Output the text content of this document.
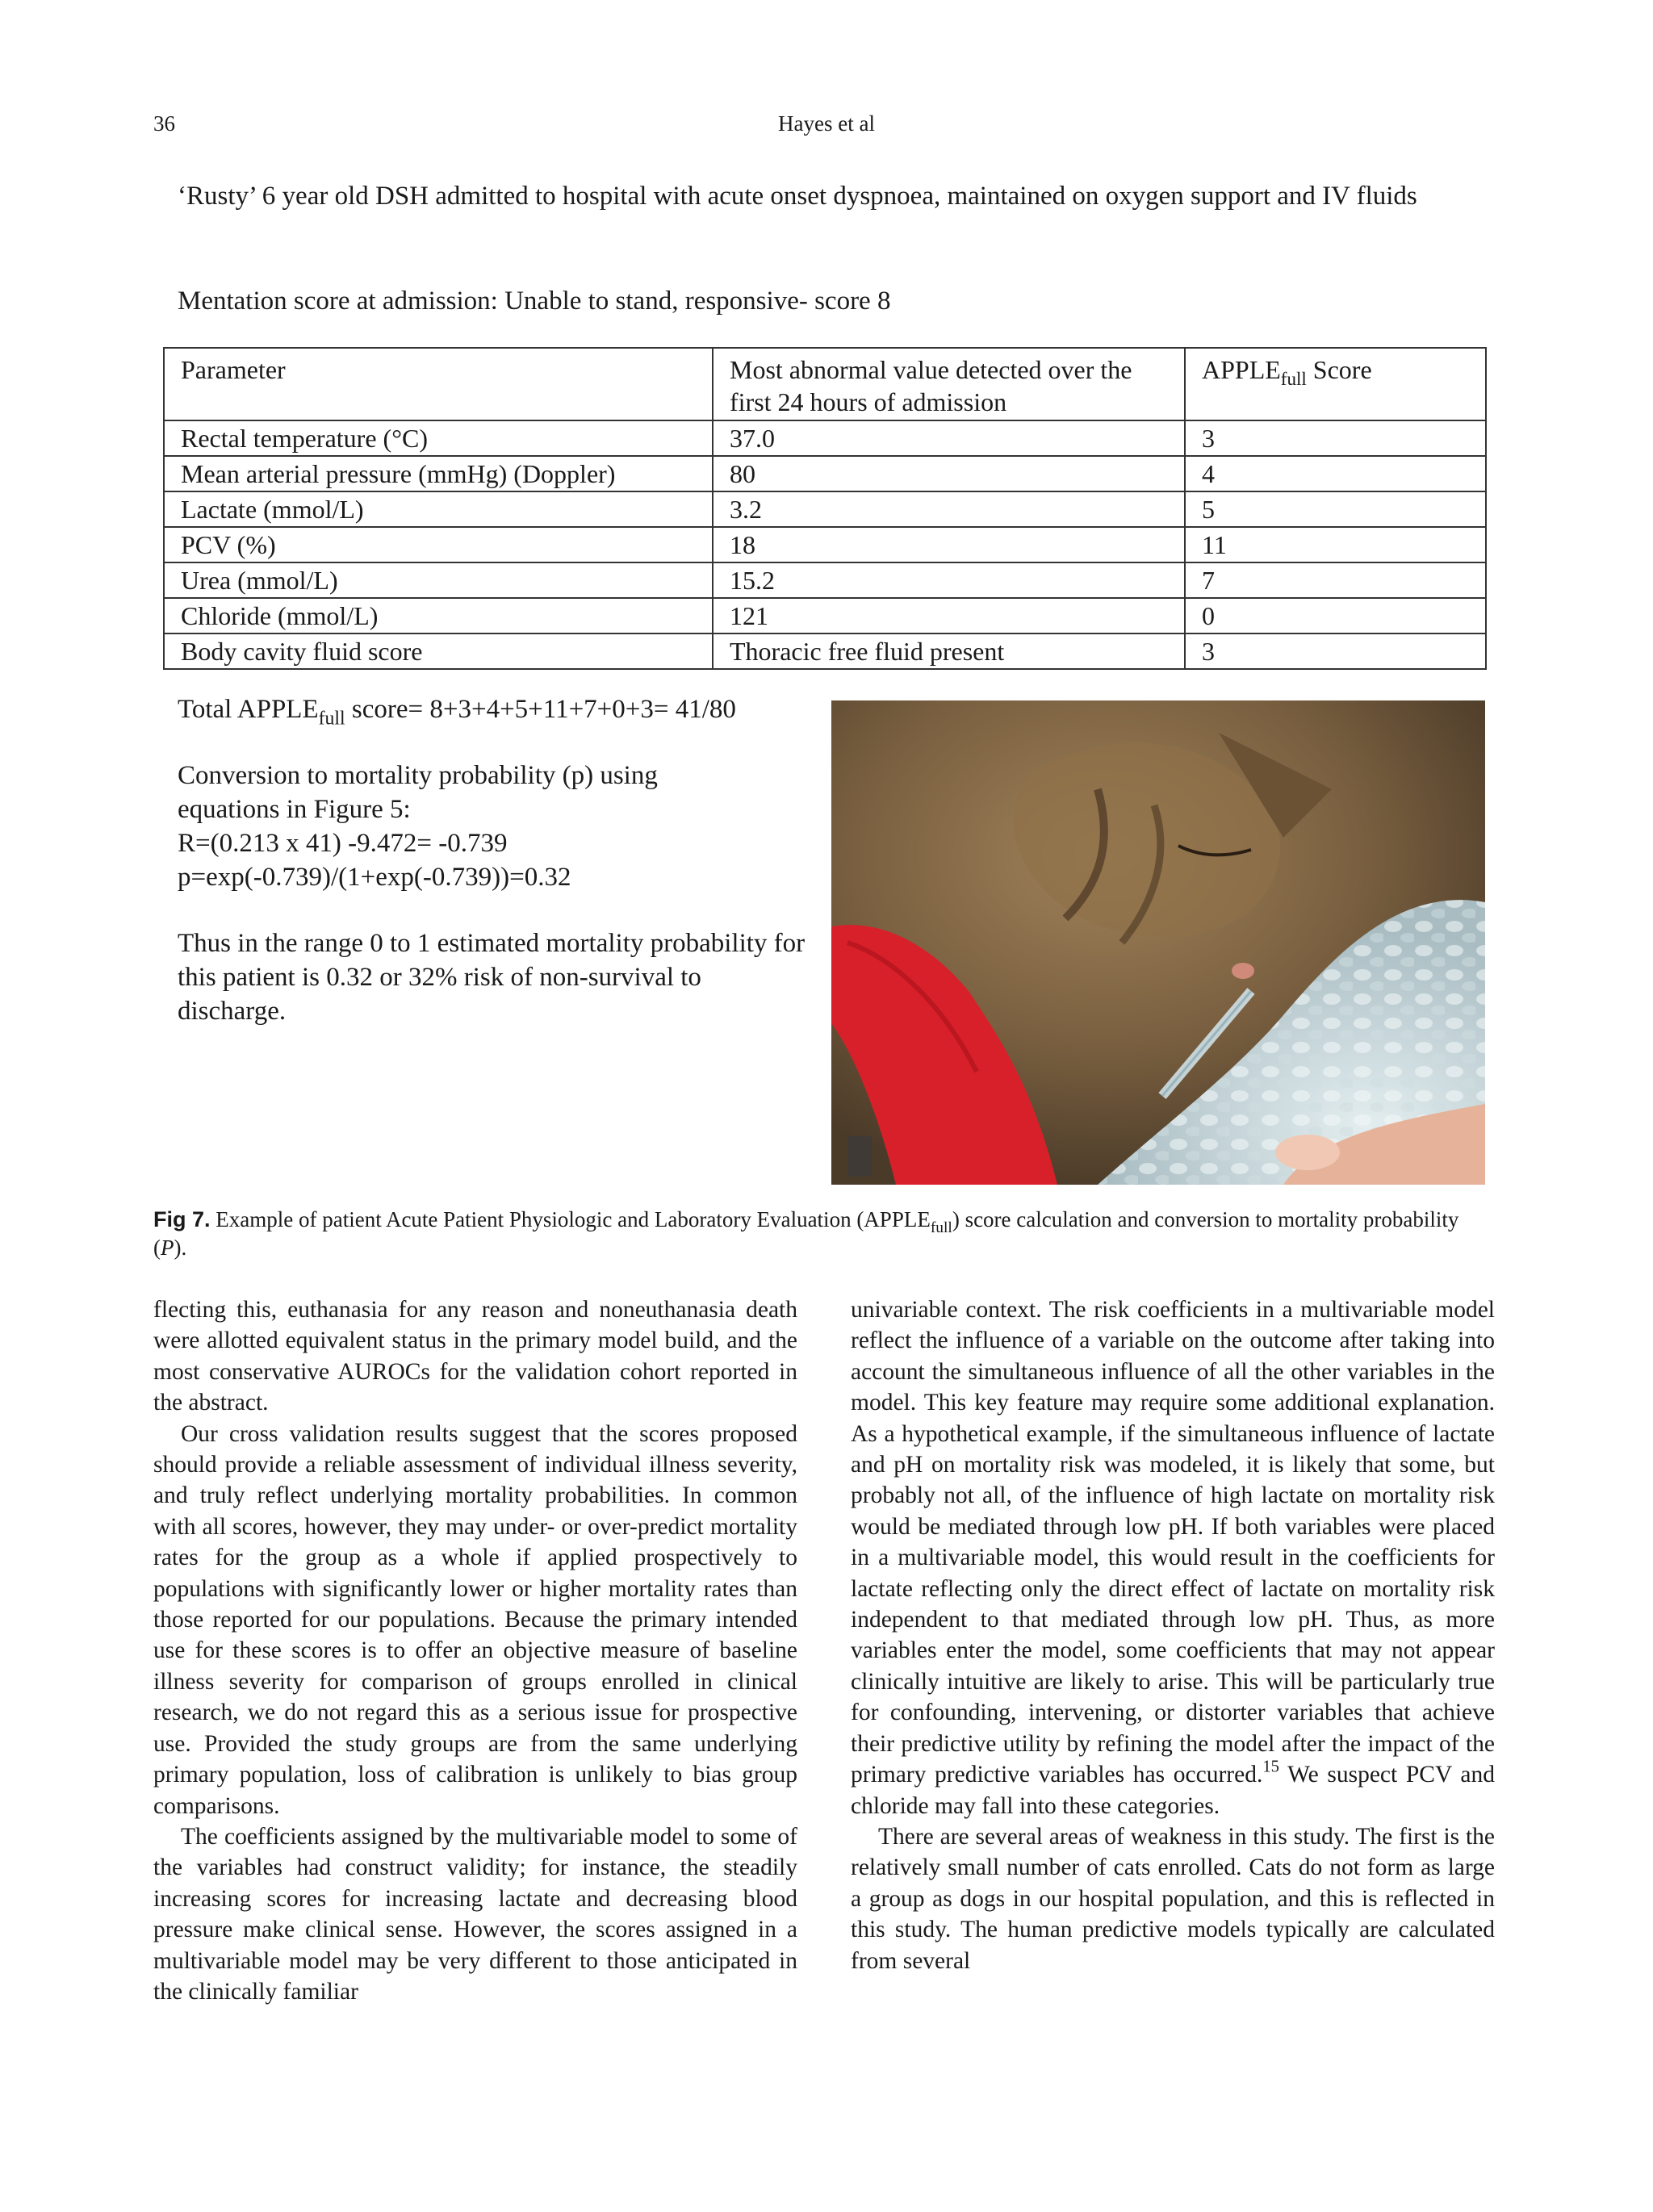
36	Hayes et al
‘Rusty’ 6 year old DSH admitted to hospital with acute onset dyspnoea, maintained on oxygen support and IV fluids
Mentation score at admission: Unable to stand, responsive- score 8
Parameter	Most abnormal value detected over the first 24 hours of admission	$APPLE_{full}$ Score
Rectal temperature (°C)	37.0	3
Mean arterial pressure (mmHg) (Doppler)	80	4
Lactate (mmol/L)	3.2	5
PCV (%)	18	11
Urea (mmol/L)	15.2	7
Chloride (mmol/L)	121	0
Body cavity fluid score	Thoracic free fluid present	3

Total $APPLE_{full}$ score= 8+3+4+5+11+7+0+3= 41/80

Conversion to mortality probability (p) using
equations in Figure 5:
R=(0.213 x 41) -9.472= -0.739
p=exp(-0.739)/(1+exp(-0.739))=0.32

Thus in the range 0 to 1 estimated mortality probability for this patient is 0.32 or 32% risk of non-survival to discharge.

Fig 7. Example of patient Acute Patient Physiologic and Laboratory Evaluation $(APPLE_{full})$ score calculation and conversion to mortality probability (P).

flecting this, euthanasia for any reason and noneuthanasia death were allotted equivalent status in the primary model build, and the most conservative AUROCs for the validation cohort reported in the abstract.

Our cross validation results suggest that the scores proposed should provide a reliable assessment of individual illness severity, and truly reflect underlying mortality probabilities. In common with all scores, however, they may under- or over-predict mortality rates for the group as a whole if applied prospectively to populations with significantly lower or higher mortality rates than those reported for our populations. Because the primary intended use for these scores is to offer an objective measure of baseline illness severity for comparison of groups enrolled in clinical research, we do not regard this as a serious issue for prospective use. Provided the study groups are from the same underlying primary population, loss of calibration is unlikely to bias group comparisons.

The coefficients assigned by the multivariable model to some of the variables had construct validity; for instance, the steadily increasing scores for increasing lactate and decreasing blood pressure make clinical sense. However, the scores assigned in a multivariable model may be very different to those anticipated in the clinically familiar

univariable context. The risk coefficients in a multivariable model reflect the influence of a variable on the outcome after taking into account the simultaneous influence of all the other variables in the model. This key feature may require some additional explanation. As a hypothetical example, if the simultaneous influence of lactate and pH on mortality risk was modeled, it is likely that some, but probably not all, of the influence of high lactate on mortality risk would be mediated through low pH. If both variables were placed in a multivariable model, this would result in the coefficients for lactate reflecting only the direct effect of lactate on mortality risk independent to that mediated through low pH. Thus, as more variables enter the model, some coefficients that may not appear clinically intuitive are likely to arise. This will be particularly true for confounding, intervening, or distorter variables that achieve their predictive utility by refining the model after the impact of the primary predictive variables has occurred.$^{15}$ We suspect PCV and chloride may fall into these categories.

There are several areas of weakness in this study. The first is the relatively small number of cats enrolled. Cats do not form as large a group as dogs in our hospital population, and this is reflected in this study. The human predictive models typically are calculated from several
